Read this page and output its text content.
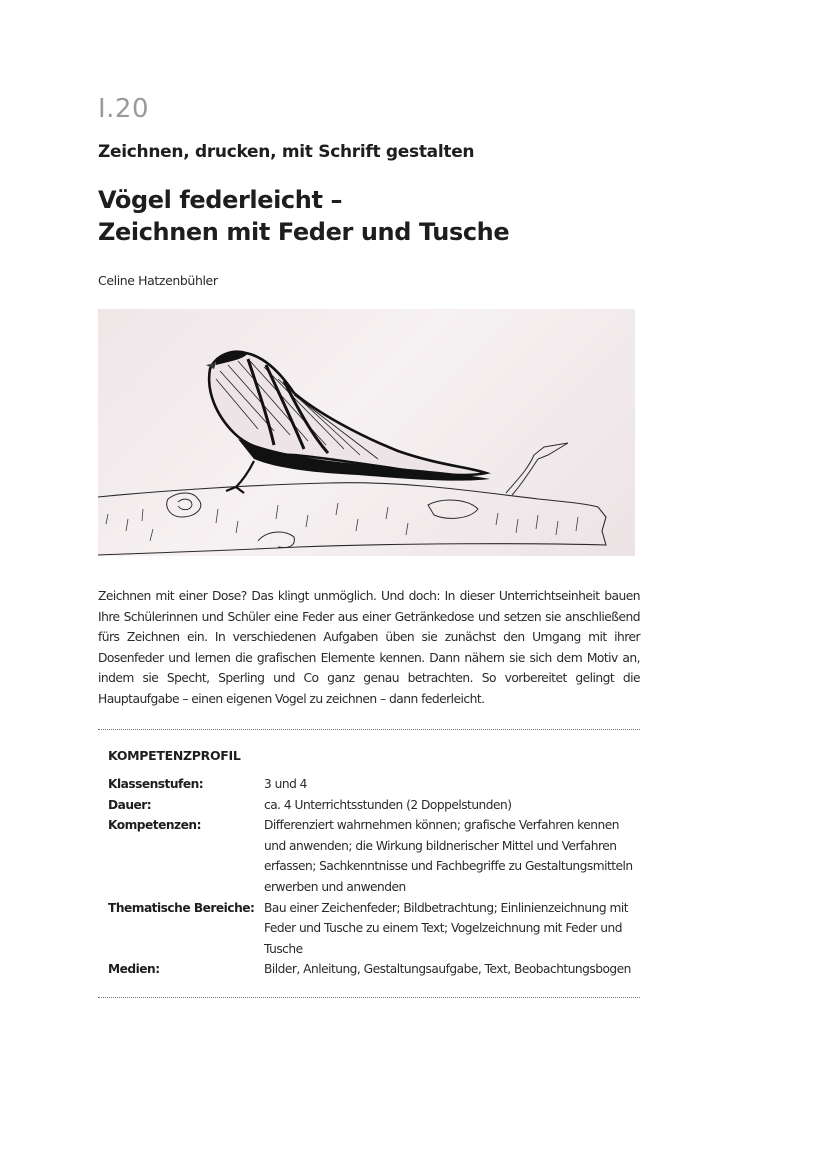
I.20
Zeichnen, drucken, mit Schrift gestalten
Vögel federleicht –
Zeichnen mit Feder und Tusche
Celine Hatzenbühler
Zeichnen mit einer Dose? Das klingt unmöglich. Und doch: In dieser Unterrichtseinheit bauen Ihre Schülerinnen und Schüler eine Feder aus einer Getränkedose und setzen sie anschließend fürs Zeichnen ein. In verschiedenen Aufgaben üben sie zunächst den Umgang mit ihrer Dosenfeder und lernen die grafischen Elemente kennen. Dann nähern sie sich dem Motiv an, indem sie Specht, Sperling und Co ganz genau betrachten. So vorbereitet gelingt die Hauptaufgabe – einen eigenen Vogel zu zeichnen – dann federleicht.
KOMPETENZPROFIL
Klassenstufen:	3 und 4
Dauer:	ca. 4 Unterrichtsstunden (2 Doppelstunden)
Kompetenzen:	Differenziert wahrnehmen können; grafische Verfahren kennen und anwenden; die Wirkung bildnerischer Mittel und Verfahren erfassen; Sachkenntnisse und Fachbegriffe zu Gestaltungsmitteln erwerben und anwenden
Thematische Bereiche: Bau einer Zeichenfeder; Bildbetrachtung; Einlinienzeichnung mit Feder und Tusche zu einem Text; Vogelzeichnung mit Feder und Tusche
Medien:	Bilder, Anleitung, Gestaltungsaufgabe, Text, Beobachtungsbogen
